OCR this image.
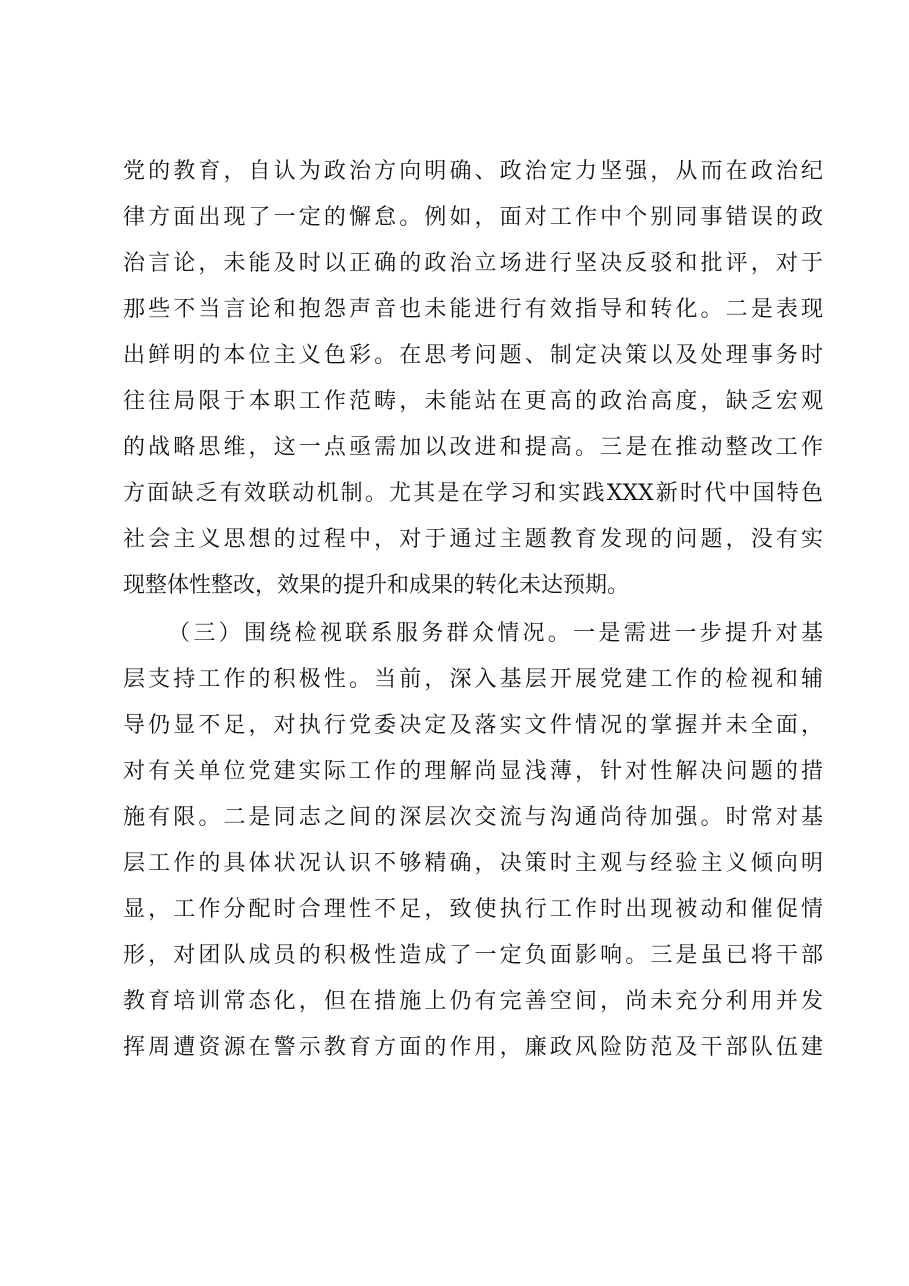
党的教育，自认为政治方向明确、政治定力坚强，从而在政治纪
律方面出现了一定的懈怠。例如，面对工作中个别同事错误的政
治言论，未能及时以正确的政治立场进行坚决反驳和批评，对于
那些不当言论和抱怨声音也未能进行有效指导和转化。二是表现
出鲜明的本位主义色彩。在思考问题、制定决策以及处理事务时
往往局限于本职工作范畴，未能站在更高的政治高度，缺乏宏观
的战略思维，这一点亟需加以改进和提高。三是在推动整改工作
方面缺乏有效联动机制。尤其是在学习和实践XXX新时代中国特色
社会主义思想的过程中，对于通过主题教育发现的问题，没有实
现整体性整改，效果的提升和成果的转化未达预期。
（三）围绕检视联系服务群众情况。一是需进一步提升对基
层支持工作的积极性。当前，深入基层开展党建工作的检视和辅
导仍显不足，对执行党委决定及落实文件情况的掌握并未全面，
对有关单位党建实际工作的理解尚显浅薄，针对性解决问题的措
施有限。二是同志之间的深层次交流与沟通尚待加强。时常对基
层工作的具体状况认识不够精确，决策时主观与经验主义倾向明
显，工作分配时合理性不足，致使执行工作时出现被动和催促情
形，对团队成员的积极性造成了一定负面影响。三是虽已将干部
教育培训常态化，但在措施上仍有完善空间，尚未充分利用并发
挥周遭资源在警示教育方面的作用，廉政风险防范及干部队伍建
